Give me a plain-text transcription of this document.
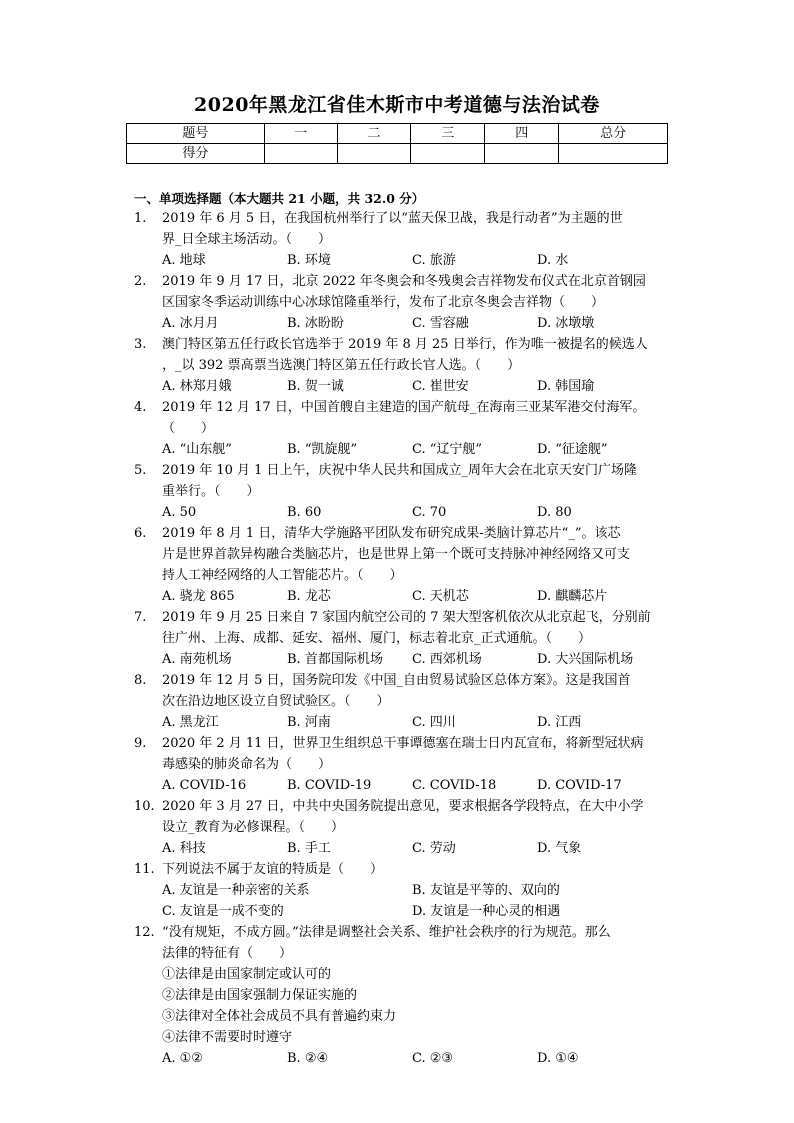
2020年黑龙江省佳木斯市中考道德与法治试卷
题号	一	二	三	四	总分
得分					
一、单项选择题（本大题共 21 小题，共 32.0 分）
1. 2019 年 6 月 5 日，在我国杭州举行了以“蓝天保卫战，我是行动者”为主题的世
界_日全球主场活动。（　　）
A. 地球	B. 环境	C. 旅游	D. 水
2. 2019 年 9 月 17 日，北京 2022 年冬奥会和冬残奥会吉祥物发布仪式在北京首钢园
区国家冬季运动训练中心冰球馆隆重举行，发布了北京冬奥会吉祥物（　　）
A. 冰月月	B. 冰盼盼	C. 雪容融	D. 冰墩墩
3. 澳门特区第五任行政长官选举于 2019 年 8 月 25 日举行，作为唯一被提名的候选人
，_以 392 票高票当选澳门特区第五任行政长官人选。（　　）
A. 林郑月娥	B. 贺一诚	C. 崔世安	D. 韩国瑜
4. 2019 年 12 月 17 日，中国首艘自主建造的国产航母_在海南三亚某军港交付海军。
（　　）
A. “山东舰”	B. “凯旋舰”	C. “辽宁舰”	D. “征途舰”
5. 2019 年 10 月 1 日上午，庆祝中华人民共和国成立_周年大会在北京天安门广场隆
重举行。（　　）
A. 50	B. 60	C. 70	D. 80
6. 2019 年 8 月 1 日，清华大学施路平团队发布研究成果-类脑计算芯片“_”。该芯
片是世界首款异构融合类脑芯片，也是世界上第一个既可支持脉冲神经网络又可支
持人工神经网络的人工智能芯片。（　　）
A. 骁龙 865	B. 龙芯	C. 天机芯	D. 麒麟芯片
7. 2019 年 9 月 25 日来自 7 家国内航空公司的 7 架大型客机依次从北京起飞，分别前
往广州、上海、成都、延安、福州、厦门，标志着北京_正式通航。（　　）
A. 南苑机场	B. 首都国际机场 C. 西郊机场	D. 大兴国际机场
8. 2019 年 12 月 5 日，国务院印发《中国_自由贸易试验区总体方案》。这是我国首
次在沿边地区设立自贸试验区。（　　）
A. 黑龙江	B. 河南	C. 四川	D. 江西
9. 2020 年 2 月 11 日，世界卫生组织总干事谭德塞在瑞士日内瓦宣布，将新型冠状病
毒感染的肺炎命名为（　　）
A. COVID-16	B. COVID-19	C. COVID-18	D. COVID-17
10. 2020 年 3 月 27 日，中共中央国务院提出意见，要求根据各学段特点，在大中小学
设立_教育为必修课程。（　　）
A. 科技	B. 手工	C. 劳动	D. 气象
11. 下列说法不属于友谊的特质是（　　）
A. 友谊是一种亲密的关系	B. 友谊是平等的、双向的
C. 友谊是一成不变的	D. 友谊是一种心灵的相遇
12. “没有规矩，不成方圆。”法律是调整社会关系、维护社会秩序的行为规范。那么
法律的特征有（　　）
①法律是由国家制定或认可的
②法律是由国家强制力保证实施的
③法律对全体社会成员不具有普遍约束力
④法律不需要时时遵守
A. ①②	B. ②④	C. ②③	D. ①④
